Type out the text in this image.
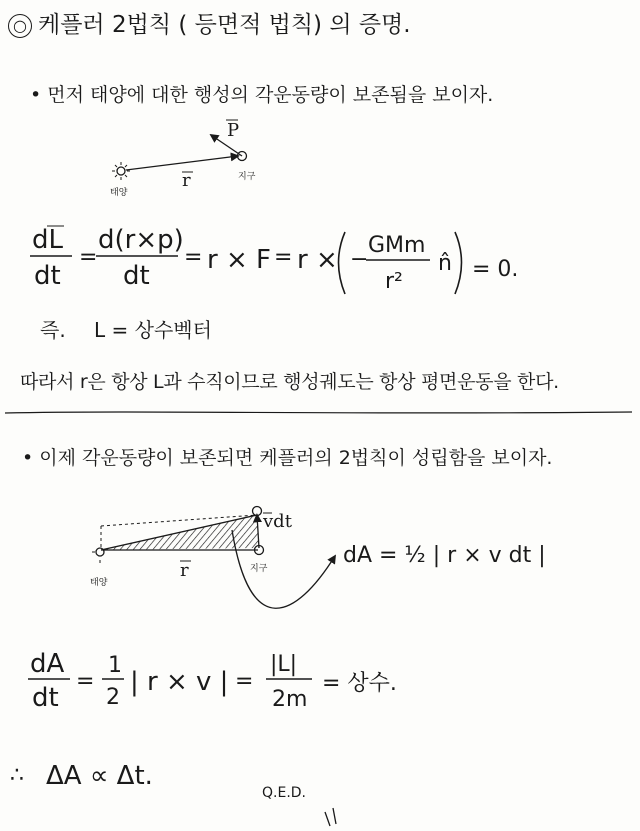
○ 케플러 2법칙 ( 등면적 법칙) 의 증명.
• 먼저 태양에 대한 행성의 각운동량이 보존됨을 보이자.
태양
r	지구
P
dL
dt
=
d(r×p)
dt
= r × F = r × −
GMm
r²
n̂ = 0.
태양
지구
r
vdt
dA = ½ | r × v dt |
dA
dt
=
1
2
| r × v | =
|L|
2m
= 상수.
∴ ΔA ∝ Δt.
Q.E.D.
즉. L = 상수벡터
따라서 r은 항상 L과 수직이므로 행성궤도는 항상 평면운동을 한다.
• 이제 각운동량이 보존되면 케플러의 2법칙이 성립함을 보이자.
